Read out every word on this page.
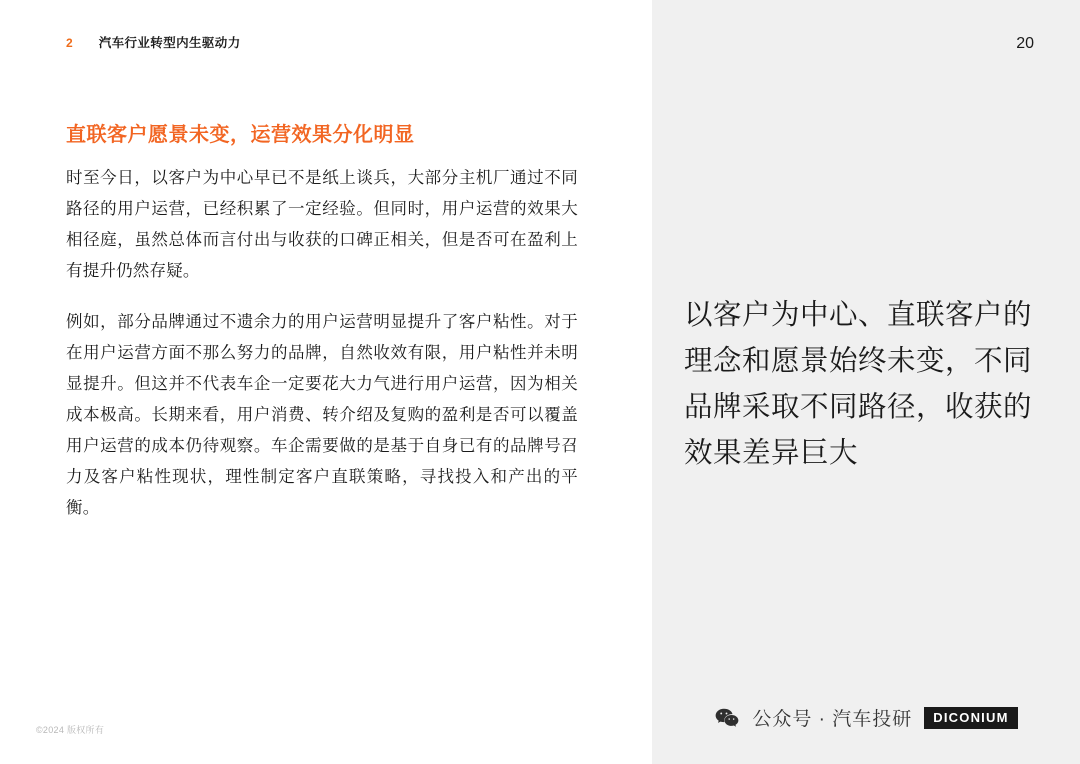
2 汽车行业转型内生驱动力
直联客户愿景未变，运营效果分化明显
时至今日，以客户为中心早已不是纸上谈兵，大部分主机厂通过不同路径的用户运营，已经积累了一定经验。但同时，用户运营的效果大相径庭，虽然总体而言付出与收获的口碑正相关，但是否可在盈利上有提升仍然存疑。
例如，部分品牌通过不遗余力的用户运营明显提升了客户粘性。对于在用户运营方面不那么努力的品牌，自然收效有限，用户粘性并未明显提升。但这并不代表车企一定要花大力气进行用户运营，因为相关成本极高。长期来看，用户消费、转介绍及复购的盈利是否可以覆盖用户运营的成本仍待观察。车企需要做的是基于自身已有的品牌号召力及客户粘性现状，理性制定客户直联策略，寻找投入和产出的平衡。
©2024 版权所有
20
以客户为中心、直联客户的理念和愿景始终未变，不同品牌采取不同路径，收获的效果差异巨大
公众号 · 汽车投研	DICONIUM
